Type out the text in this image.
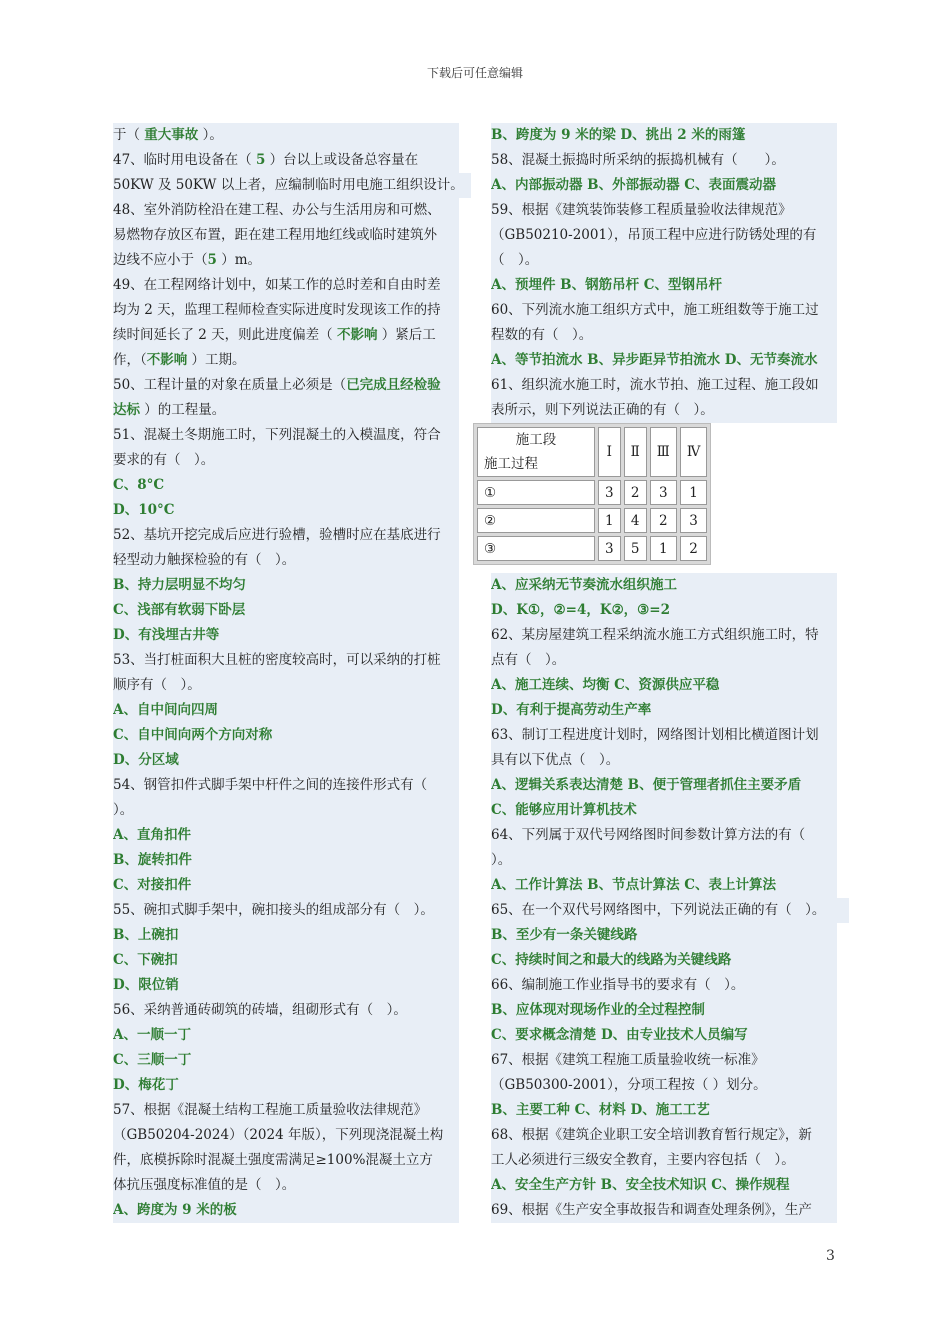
下载后可任意编辑
于（ 重大事故 ）。
47、临时用电设备在（ 5 ）台以上或设备总容量在
50KW 及 50KW 以上者，应编制临时用电施工组织设计。
48、室外消防栓沿在建工程、办公与生活用房和可燃、
易燃物存放区布置，距在建工程用地红线或临时建筑外
边线不应小于（5 ）m。
49、在工程网络计划中，如某工作的总时差和自由时差
均为 2 天，监理工程师检查实际进度时发现该工作的持
续时间延长了 2 天，则此进度偏差（ 不影响 ）紧后工
作，（不影响 ）工期。
50、工程计量的对象在质量上必须是（已完成且经检验
达标 ）的工程量。
51、混凝土冬期施工时，下列混凝土的入模温度，符合
要求的有（　）。
C、8°C
D、10°C
52、基坑开挖完成后应进行验槽，验槽时应在基底进行
轻型动力触探检验的有（　）。
B、持力层明显不均匀
C、浅部有软弱下卧层
D、有浅埋古井等
53、当打桩面积大且桩的密度较高时，可以采纳的打桩
顺序有（　）。
A、自中间向四周
C、自中间向两个方向对称
D、分区域
54、钢管扣件式脚手架中杆件之间的连接件形式有（
）。
A、直角扣件
B、旋转扣件
C、对接扣件
55、碗扣式脚手架中，碗扣接头的组成部分有（　）。
B、上碗扣
C、下碗扣
D、限位销
56、采纳普通砖砌筑的砖墙，组砌形式有（　）。
A、一顺一丁
C、三顺一丁
D、梅花丁
57、根据《混凝土结构工程施工质量验收法律规范》
（GB50204-2024）（2024 年版），下列现浇混凝土构
件，底模拆除时混凝土强度需满足≥100%混凝土立方
体抗压强度标准值的是（　）。
A、跨度为 9 米的板
B、跨度为 9 米的梁 D、挑出 2 米的雨篷
58、混凝土振捣时所采纳的振捣机械有（　　）。
A、内部振动器 B、外部振动器 C、表面震动器
59、根据《建筑装饰装修工程质量验收法律规范》
（GB50210-2001），吊顶工程中应进行防锈处理的有
（　）。
A、预埋件 B、钢筋吊杆 C、型钢吊杆
60、下列流水施工组织方式中，施工班组数等于施工过
程数的有（　）。
A、等节拍流水 B、异步距异节拍流水 D、无节奏流水
61、组织流水施工时，流水节拍、施工过程、施工段如
表所示，则下列说法正确的有（　）。
施工段
施工过程	Ⅰ	Ⅱ	Ⅲ	Ⅳ
①	3	2	3	1
②	1	4	2	3
③	3	5	1	2
A、应采纳无节奏流水组织施工
D、K①，②=4，K②，③=2
62、某房屋建筑工程采纳流水施工方式组织施工时，特
点有（　）。
A、施工连续、均衡 C、资源供应平稳
D、有利于提高劳动生产率
63、制订工程进度计划时，网络图计划相比横道图计划
具有以下优点（　）。
A、逻辑关系表达清楚 B、便于管理者抓住主要矛盾
C、能够应用计算机技术
64、下列属于双代号网络图时间参数计算方法的有（
）。
A、工作计算法 B、节点计算法 C、表上计算法
65、在一个双代号网络图中，下列说法正确的有（　）。
B、至少有一条关键线路
C、持续时间之和最大的线路为关键线路
66、编制施工作业指导书的要求有（　）。
B、应体现对现场作业的全过程控制
C、要求概念清楚 D、由专业技术人员编写
67、根据《建筑工程施工质量验收统一标准》
（GB50300-2001），分项工程按（ ）划分。
B、主要工种 C、材料 D、施工工艺
68、根据《建筑企业职工安全培训教育暂行规定》，新
工人必须进行三级安全教育，主要内容包括（　）。
A、安全生产方针 B、安全技术知识 C、操作规程
69、根据《生产安全事故报告和调查处理条例》，生产
3
